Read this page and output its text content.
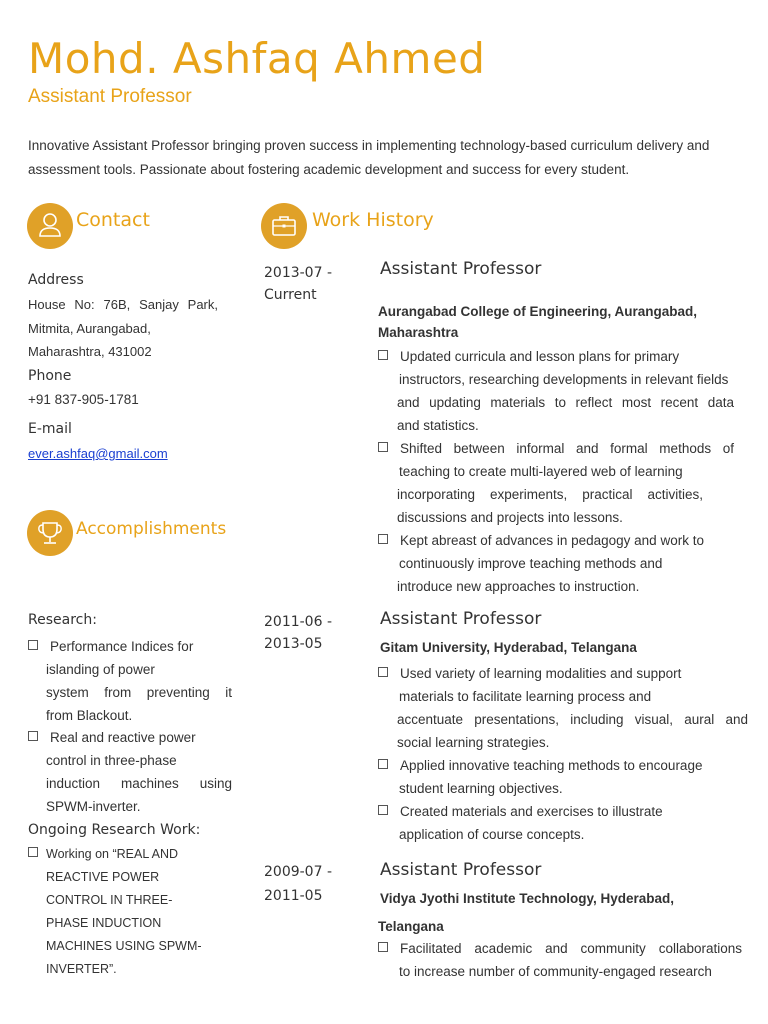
Mohd. Ashfaq Ahmed
Assistant Professor
Innovative Assistant Professor bringing proven success in implementing technology-based curriculum delivery and assessment tools. Passionate about fostering academic development and success for every student.
Contact
Address
House No: 76B, Sanjay Park,
Mitmita, Aurangabad,
Maharashtra, 431002
Phone
+91 837-905-1781
E-mail
ever.ashfaq@gmail.com
Accomplishments
Research:
Performance Indices for
islanding of power
system from preventing it
from Blackout.
Real and reactive power
control in three-phase
induction machines using
SPWM-inverter.
Ongoing Research Work:
Working on “REAL AND
REACTIVE POWER
CONTROL IN THREE-
PHASE INDUCTION
MACHINES USING SPWM-
INVERTER”.
Work History
2013-07 -
Current
Assistant Professor
Aurangabad College of Engineering, Aurangabad,
Maharashtra
Updated curricula and lesson plans for primary
instructors, researching developments in relevant fields
and updating materials to reflect most recent data
and statistics.
Shifted between informal and formal methods of
teaching to create multi-layered web of learning
incorporating experiments, practical activities,
discussions and projects into lessons.
Kept abreast of advances in pedagogy and work to
continuously improve teaching methods and
introduce new approaches to instruction.
2011-06 -
2013-05
Assistant Professor
Gitam University, Hyderabad, Telangana
Used variety of learning modalities and support
materials to facilitate learning process and
accentuate presentations, including visual, aural and
social learning strategies.
Applied innovative teaching methods to encourage
student learning objectives.
Created materials and exercises to illustrate
application of course concepts.
2009-07 -
2011-05
Assistant Professor
Vidya Jyothi Institute Technology, Hyderabad,
Telangana
Facilitated academic and community collaborations
to increase number of community-engaged research
